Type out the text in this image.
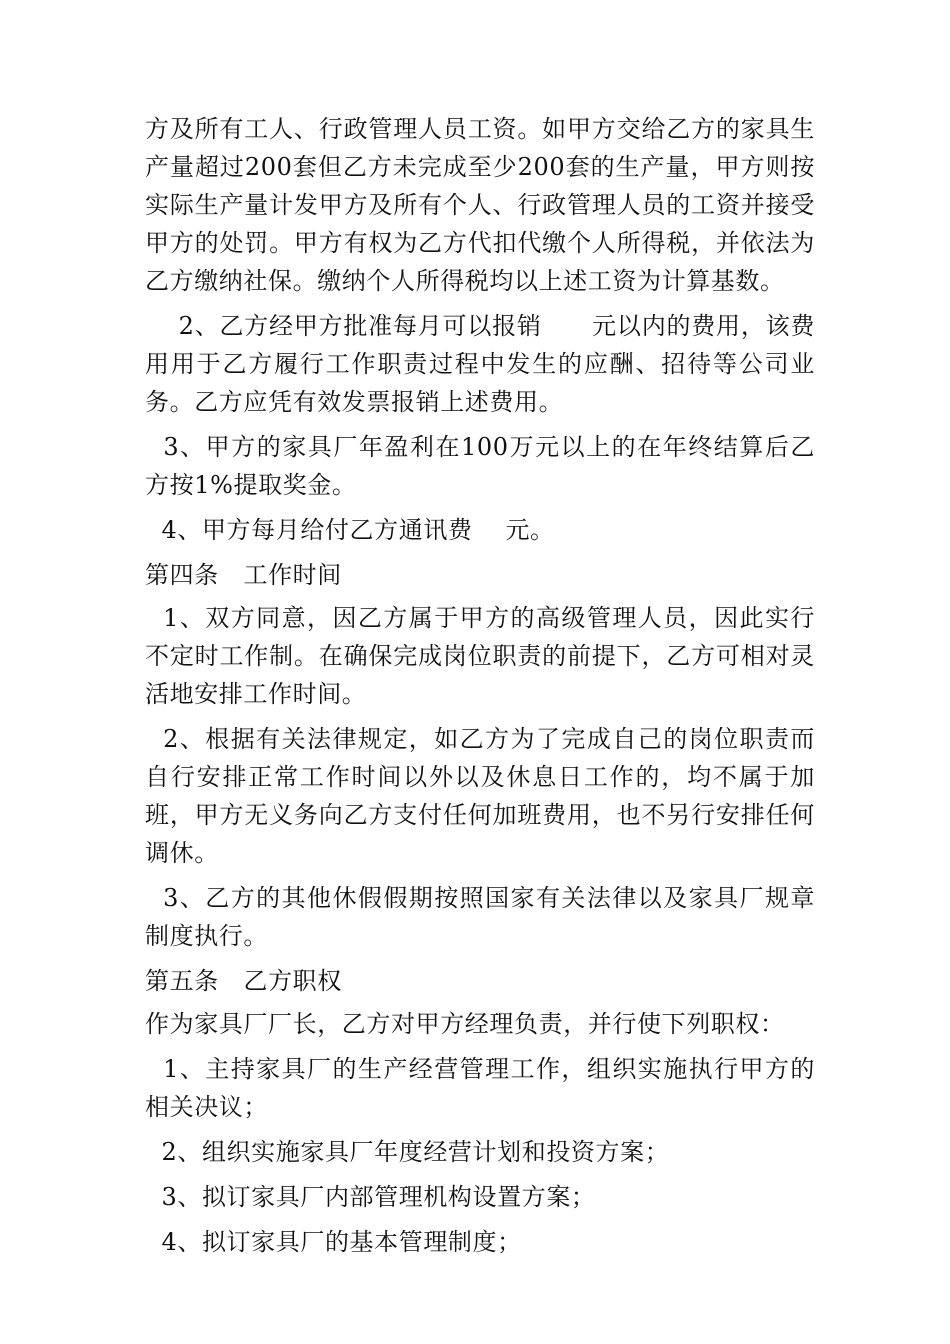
方及所有工人、行政管理人员工资。如甲方交给乙方的家具生产量超过200套但乙方未完成至少200套的生产量，甲方则按实际生产量计发甲方及所有个人、行政管理人员的工资并接受甲方的处罚。甲方有权为乙方代扣代缴个人所得税，并依法为乙方缴纳社保。缴纳个人所得税均以上述工资为计算基数。

2、乙方经甲方批准每月可以报销      元以内的费用，该费用用于乙方履行工作职责过程中发生的应酬、招待等公司业务。乙方应凭有效发票报销上述费用。

3、甲方的家具厂年盈利在100万元以上的在年终结算后乙方按1%提取奖金。

4、甲方每月给付乙方通讯费    元。

第四条   工作时间

1、双方同意，因乙方属于甲方的高级管理人员，因此实行不定时工作制。在确保完成岗位职责的前提下，乙方可相对灵活地安排工作时间。

2、根据有关法律规定，如乙方为了完成自己的岗位职责而自行安排正常工作时间以外以及休息日工作的，均不属于加班，甲方无义务向乙方支付任何加班费用，也不另行安排任何调休。

3、乙方的其他休假假期按照国家有关法律以及家具厂规章制度执行。

第五条   乙方职权

作为家具厂厂长，乙方对甲方经理负责，并行使下列职权：

1、主持家具厂的生产经营管理工作，组织实施执行甲方的相关决议；

2、组织实施家具厂年度经营计划和投资方案；

3、拟订家具厂内部管理机构设置方案；

4、拟订家具厂的基本管理制度；
